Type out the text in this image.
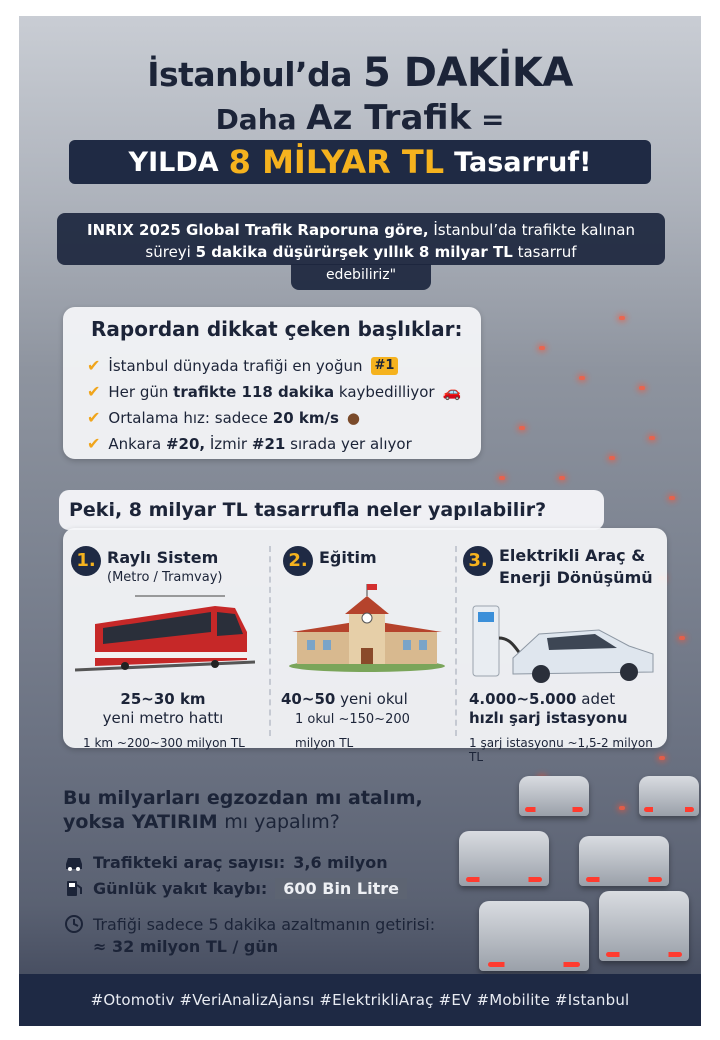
İstanbul’da 5 DAKİKA
Daha Az Trafik =
YILDA 8 MİLYAR TL Tasarruf!
INRIX 2025 Global Trafik Raporuna göre, İstanbul’da trafikte kalınan süreyi 5 dakika düşürürşek yıllık 8 milyar TL tasarruf
edebiliriz"
Rapordan dikkat çeken başlıklar:
✔ İstanbul dünyada trafiği en yoğun #1
✔ Her gün trafikte 118 dakika kaybedilliyor 🚗
✔ Ortalama hız: sadece 20 km/s ●
✔ Ankara #20, İzmir #21 sırada yer alıyor
Peki, 8 milyar TL tasarrufla neler yapılabilir?
1. Raylı Sistem
(Metro / Tramvay)
25~30 km
yeni metro hattı
1 km ~200~300 milyon TL
2. Eğitim
40~50 yeni okul
1 okul ~150~200
milyon TL
3. Elektrikli Araç &
Enerji Dönüşümü
4.000~5.000 adet
hızlı şarj istasyonu
1 şarj istasyonu ~1,5-2 milyon TL
Bu milyarları egzozdan mı atalım,
yoksa YATIRIM mı yapalım?
Trafikteki araç sayısı: 3,6 milyon
Günlük yakıt kaybı:	600 Bin Litre
Trafiği sadece 5 dakika azaltmanın getirisi:
≈ 32 milyon TL / gün
#Otomotiv #VeriAnalizAjansı #ElektrikliAraç #EV #Mobilite #Istanbul
